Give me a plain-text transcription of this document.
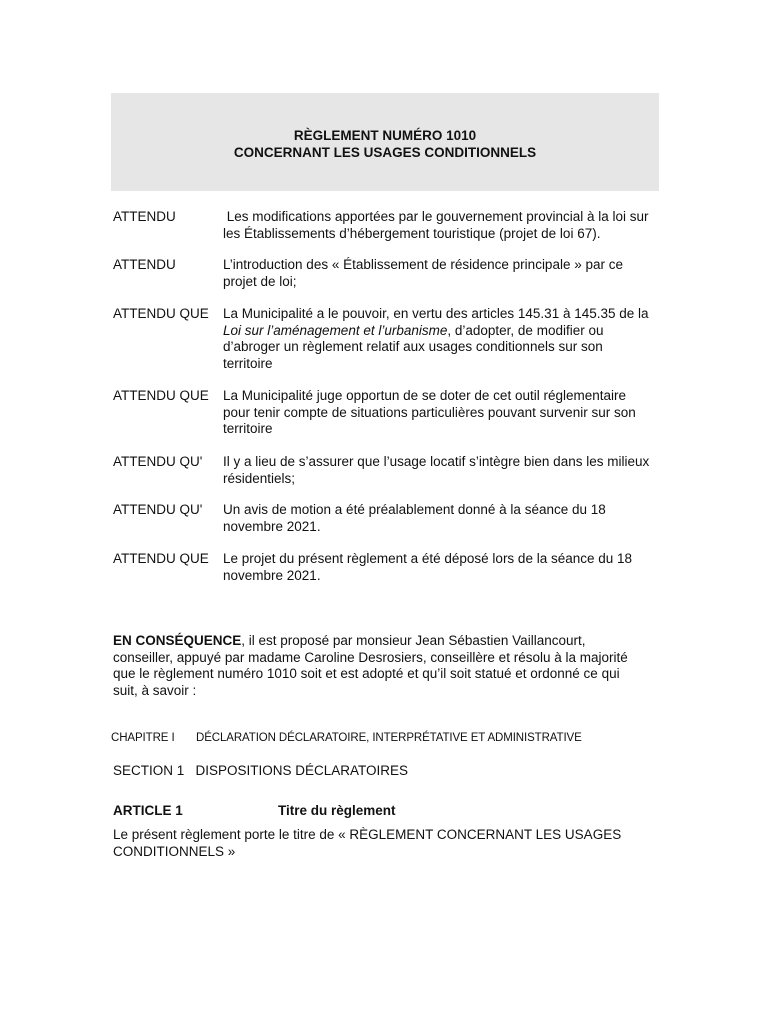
RÈGLEMENT NUMÉRO 1010
CONCERNANT LES USAGES CONDITIONNELS
ATTENDU	Les modifications apportées par le gouvernement provincial à la loi sur les Établissements d’hébergement touristique (projet de loi 67).
ATTENDU	L’introduction des « Établissement de résidence principale » par ce projet de loi;
ATTENDU QUE	La Municipalité a le pouvoir, en vertu des articles 145.31 à 145.35 de la Loi sur l’aménagement et l’urbanisme, d’adopter, de modifier ou d’abroger un règlement relatif aux usages conditionnels sur son territoire
ATTENDU QUE	La Municipalité juge opportun de se doter de cet outil réglementaire pour tenir compte de situations particulières pouvant survenir sur son territoire
ATTENDU QU'	Il y a lieu de s’assurer que l’usage locatif s’intègre bien dans les milieux résidentiels;
ATTENDU QU'	Un avis de motion a été préalablement donné à la séance du 18 novembre 2021.
ATTENDU QUE	Le projet du présent règlement a été déposé lors de la séance du 18 novembre 2021.
EN CONSÉQUENCE, il est proposé par monsieur Jean Sébastien Vaillancourt, conseiller, appuyé par madame Caroline Desrosiers, conseillère et résolu à la majorité que le règlement numéro 1010 soit et est adopté et qu’il soit statué et ordonné ce qui suit, à savoir :
CHAPITRE I DÉCLARATION DÉCLARATOIRE, INTERPRÉTATIVE ET ADMINISTRATIVE
SECTION 1   DISPOSITIONS DÉCLARATOIRES
ARTICLE 1	Titre du règlement
Le présent règlement porte le titre de « RÈGLEMENT CONCERNANT LES USAGES CONDITIONNELS »
